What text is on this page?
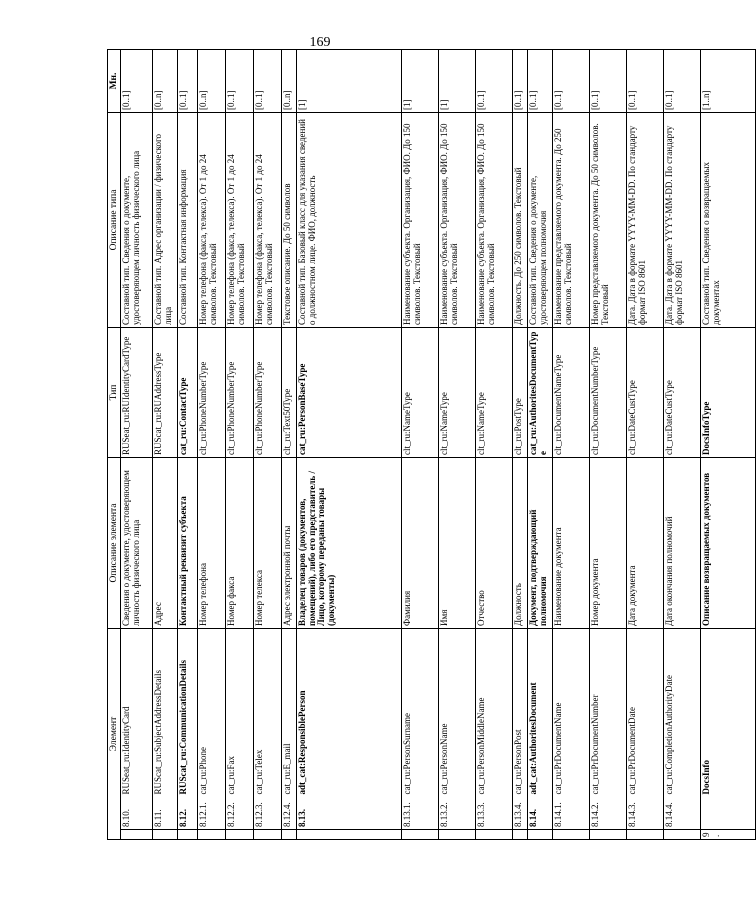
169
Элемент			Описание элемента	Тип	Описание типа	Мн.
	8.10.	RUSeat_ru:IdentityCard	Сведения о документе, удостоверяющем личность физического лица	RUSeat_ru:RUIdentityCardType	Составной тип. Сведения о документе, удостоверяющем личность физического лица	[0..1]
	8.11.	RUScat_ru:SubjectAddressDetails	Адрес	RUScat_ru:RUAddressType	Составной тип. Адрес организации / физического лица	[0..n]
	8.12.	RUScat_ru:CommunicationDetails	Контактный реквизит субъекта	cat_ru:ContactType	Составной тип. Контактная информация	[0..1]
	8.12.1.	cat_ru:Phone	Номер телефона	clt_ru:PhoneNumberType	Номер телефона (факса, телекса). От 1 до 24 символов. Текстовый	[0..n]
	8.12.2.	cat_ru:Fax	Номер факса	clt_ru:PhoneNumberType	Номер телефона (факса, телекса). От 1 до 24 символов. Текстовый	[0..1]
	8.12.3.	cat_ru:Telex	Номер телекса	clt_ru:PhoneNumberType	Номер телефона (факса, телекса). От 1 до 24 символов. Текстовый	[0..1]
	8.12.4.	cat_ru:E_mail	Адрес электронной почты	clt_ru:Text50Type	Текстовое описание. До 50 символов	[0..n]
	8.13.	adt_cat:ResponsiblePerson	Владелец товаров (документов, помещений), либо его представитель / Лицо, которому переданы товары (документы)	cat_ru:PersonBaseType	Составной тип. Базовый класс для указания сведений о должностном лице. ФИО, должность	[1]
	8.13.1.	cat_ru:PersonSurname	Фамилия	clt_ru:NameType	Наименование субъекта. Организация, ФИО. До 150 символов. Текстовый	[1]
	8.13.2.	cat_ru:PersonName	Имя	clt_ru:NameType	Наименование субъекта. Организация, ФИО. До 150 символов. Текстовый	[1]
	8.13.3.	cat_ru:PersonMiddleName	Отчество	clt_ru:NameType	Наименование субъекта. Организация, ФИО. До 150 символов. Текстовый	[0..1]
	8.13.4.	cat_ru:PersonPost	Должность	clt_ru:PostType	Должность. До 250 символов. Текстовый	[0..1]
	8.14.	adt_cat:AuthoritesDocument	Документ, подтверждающий полномочия	cat_ru:AuthoritesDocumentType	Составной тип. Сведения о документе, удостоверяющем полномочия	[0..1]
	8.14.1.	cat_ru:PrDocumentName	Наименование документа	clt_ru:DocumentNameType	Наименование представляемого документа. До 250 символов. Текстовый	[0..1]
	8.14.2.	cat_ru:PrDocumentNumber	Номер документа	clt_ru:DocumentNumberType	Номер представляемого документа. До 50 символов. Текстовый	[0..1]
	8.14.3.	cat_ru:PrDocumentDate	Дата документа	clt_ru:DateCustType	Дата. Дата в формате YYYY-MM-DD. По стандарту формат ISO 8601	[0..1]
	8.14.4.	cat_ru:CompletionAuthorityDate	Дата окончания полномочий	clt_ru:DateCustType	Дата. Дата в формате YYYY-MM-DD. По стандарту формат ISO 8601	[0..1]
9.		DocsInfo	Описание возвращаемых документов	DocsInfoType	Составной тип. Сведения о возвращаемых документах	[1..n]
